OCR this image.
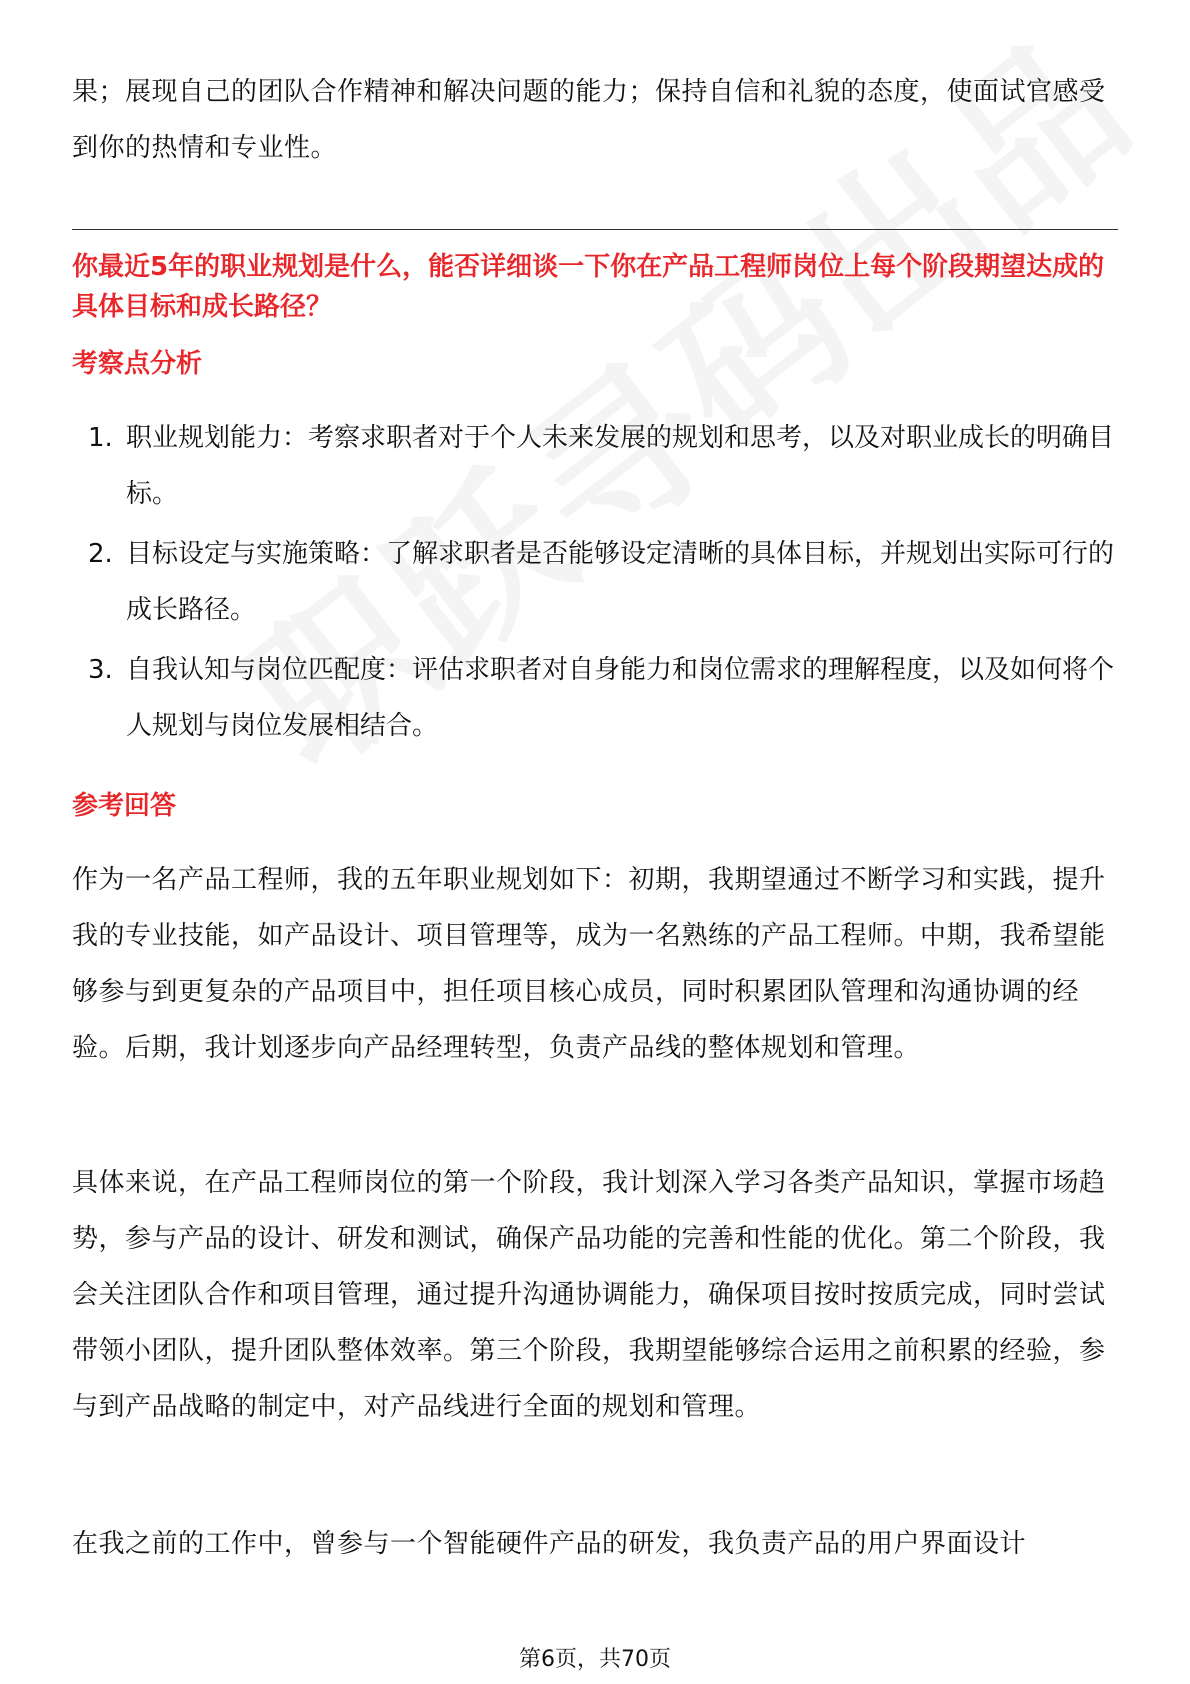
果；展现自己的团队合作精神和解决问题的能力；保持自信和礼貌的态度，使面试官感受到你的热情和专业性。

你最近5年的职业规划是什么，能否详细谈一下你在产品工程师岗位上每个阶段期望达成的具体目标和成长路径？

考察点分析
1. 职业规划能力：考察求职者对于个人未来发展的规划和思考，以及对职业成长的明确目标。
2. 目标设定与实施策略：了解求职者是否能够设定清晰的具体目标，并规划出实际可行的成长路径。
3. 自我认知与岗位匹配度：评估求职者对自身能力和岗位需求的理解程度，以及如何将个人规划与岗位发展相结合。
参考回答

作为一名产品工程师，我的五年职业规划如下：初期，我期望通过不断学习和实践，提升我的专业技能，如产品设计、项目管理等，成为一名熟练的产品工程师。中期，我希望能够参与到更复杂的产品项目中，担任项目核心成员，同时积累团队管理和沟通协调的经验。后期，我计划逐步向产品经理转型，负责产品线的整体规划和管理。

具体来说，在产品工程师岗位的第一个阶段，我计划深入学习各类产品知识，掌握市场趋势，参与产品的设计、研发和测试，确保产品功能的完善和性能的优化。第二个阶段，我会关注团队合作和项目管理，通过提升沟通协调能力，确保项目按时按质完成，同时尝试带领小团队，提升团队整体效率。第三个阶段，我期望能够综合运用之前积累的经验，参与到产品战略的制定中，对产品线进行全面的规划和管理。

在我之前的工作中，曾参与一个智能硬件产品的研发，我负责产品的用户界面设计

第6页，共70页
